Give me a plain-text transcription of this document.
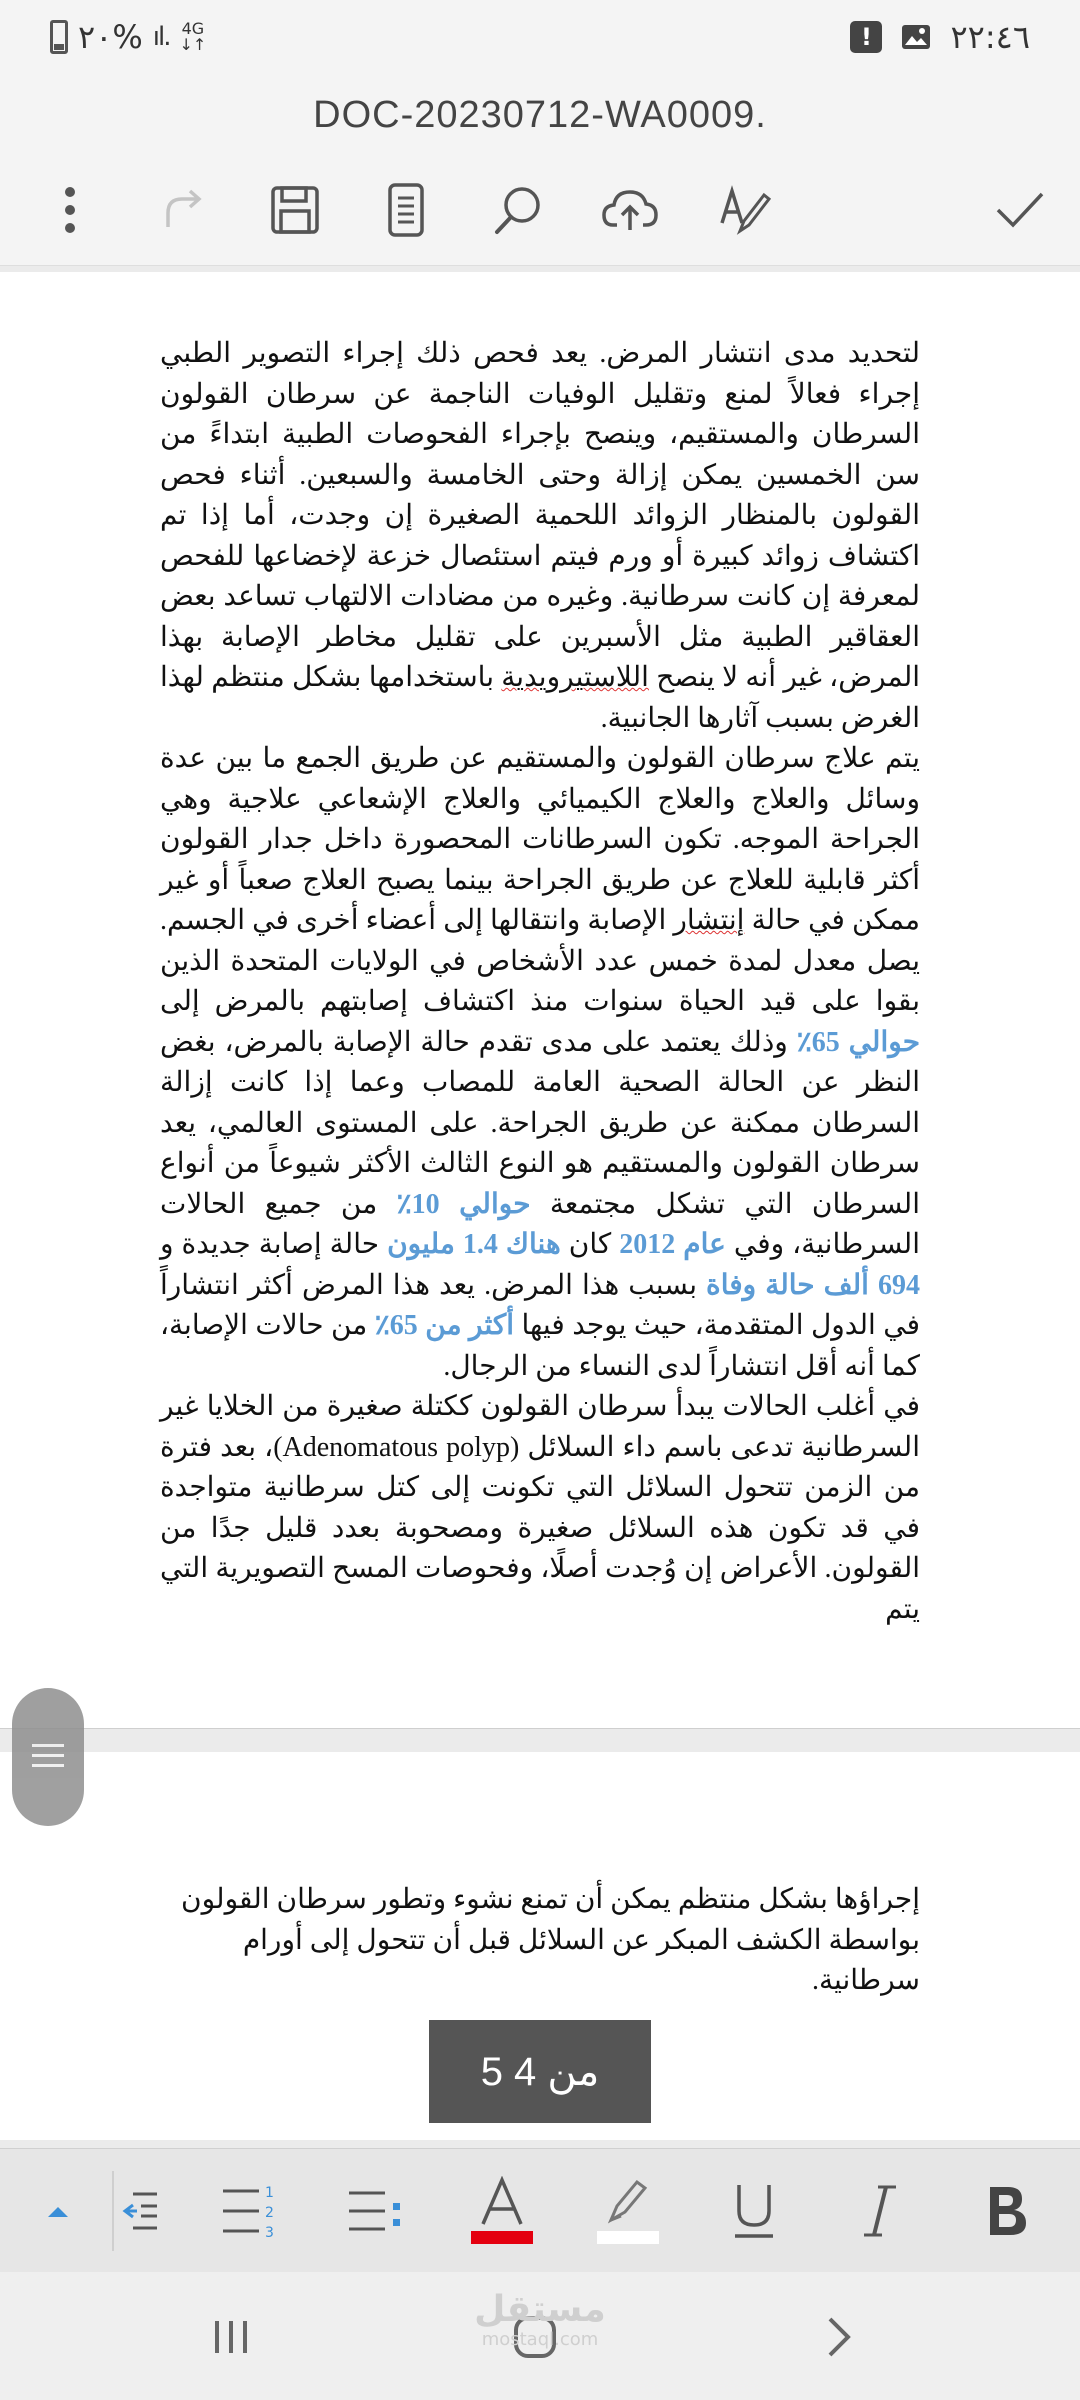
٢٠% ıl. 4G
↓↑	!	٢٢:٤٦
DOC-20230712-WA0009.

لتحديد مدى انتشار المرض. يعد فحص ذلك إجراء التصوير الطبي إجراء فعالاً لمنع وتقليل الوفيات الناجمة عن سرطان القولون السرطان والمستقيم، وينصح بإجراء الفحوصات الطبية ابتداءً من سن الخمسين يمكن إزالة وحتى الخامسة والسبعين. أثناء فحص القولون بالمنظار الزوائد اللحمية الصغيرة إن وجدت، أما إذا تم اكتشاف زوائد كبيرة أو ورم فيتم استئصال خزعة لإخضاعها للفحص لمعرفة إن كانت سرطانية. وغيره من مضادات الالتهاب تساعد بعض العقاقير الطبية مثل الأسبرين على تقليل مخاطر الإصابة بهذا المرض، غير أنه لا ينصح اللاستيرويدية باستخدامها بشكل منتظم لهذا الغرض بسبب آثارها الجانبية.

يتم علاج سرطان القولون والمستقيم عن طريق الجمع ما بين عدة وسائل والعلاج والعلاج الكيميائي والعلاج الإشعاعي علاجية وهي الجراحة الموجه. تكون السرطانات المحصورة داخل جدار القولون أكثر قابلية للعلاج عن طريق الجراحة بينما يصبح العلاج صعباً أو غير ممكن في حالة إنتشار الإصابة وانتقالها إلى أعضاء أخرى في الجسم. يصل معدل لمدة خمس عدد الأشخاص في الولايات المتحدة الذين بقوا على قيد الحياة سنوات منذ اكتشاف إصابتهم بالمرض إلى حوالي 65٪ وذلك يعتمد على مدى تقدم حالة الإصابة بالمرض، بغض النظر عن الحالة الصحية العامة للمصاب وعما إذا كانت إزالة السرطان ممكنة عن طريق الجراحة. على المستوى العالمي، يعد سرطان القولون والمستقيم هو النوع الثالث الأكثر شيوعاً من أنواع السرطان التي تشكل مجتمعة حوالي 10٪ من جميع الحالات السرطانية، وفي عام 2012 كان هناك 1.4 مليون حالة إصابة جديدة و 694 ألف حالة وفاة بسبب هذا المرض. يعد هذا المرض أكثر انتشاراً في الدول المتقدمة، حيث يوجد فيها أكثر من 65٪ من حالات الإصابة، كما أنه أقل انتشاراً لدى النساء من الرجال.

في أغلب الحالات يبدأ سرطان القولون ككتلة صغيرة من الخلايا غير السرطانية تدعى باسم داء السلائل (Adenomatous polyp)، بعد فترة من الزمن تتحول السلائل التي تكونت إلى كتل سرطانية متواجدة في قد تكون هذه السلائل صغيرة ومصحوبة بعدد قليل جدًا من القولون. الأعراض إن وُجدت أصلًا، وفحوصات المسح التصويرية التي يتم

إجراؤها بشكل منتظم يمكن أن تمنع نشوء وتطور سرطان القولون بواسطة الكشف المبكر عن السلائل قبل أن تتحول إلى أورام سرطانية.

5 من 4
1
2
3
مستقل
mostaql.com
